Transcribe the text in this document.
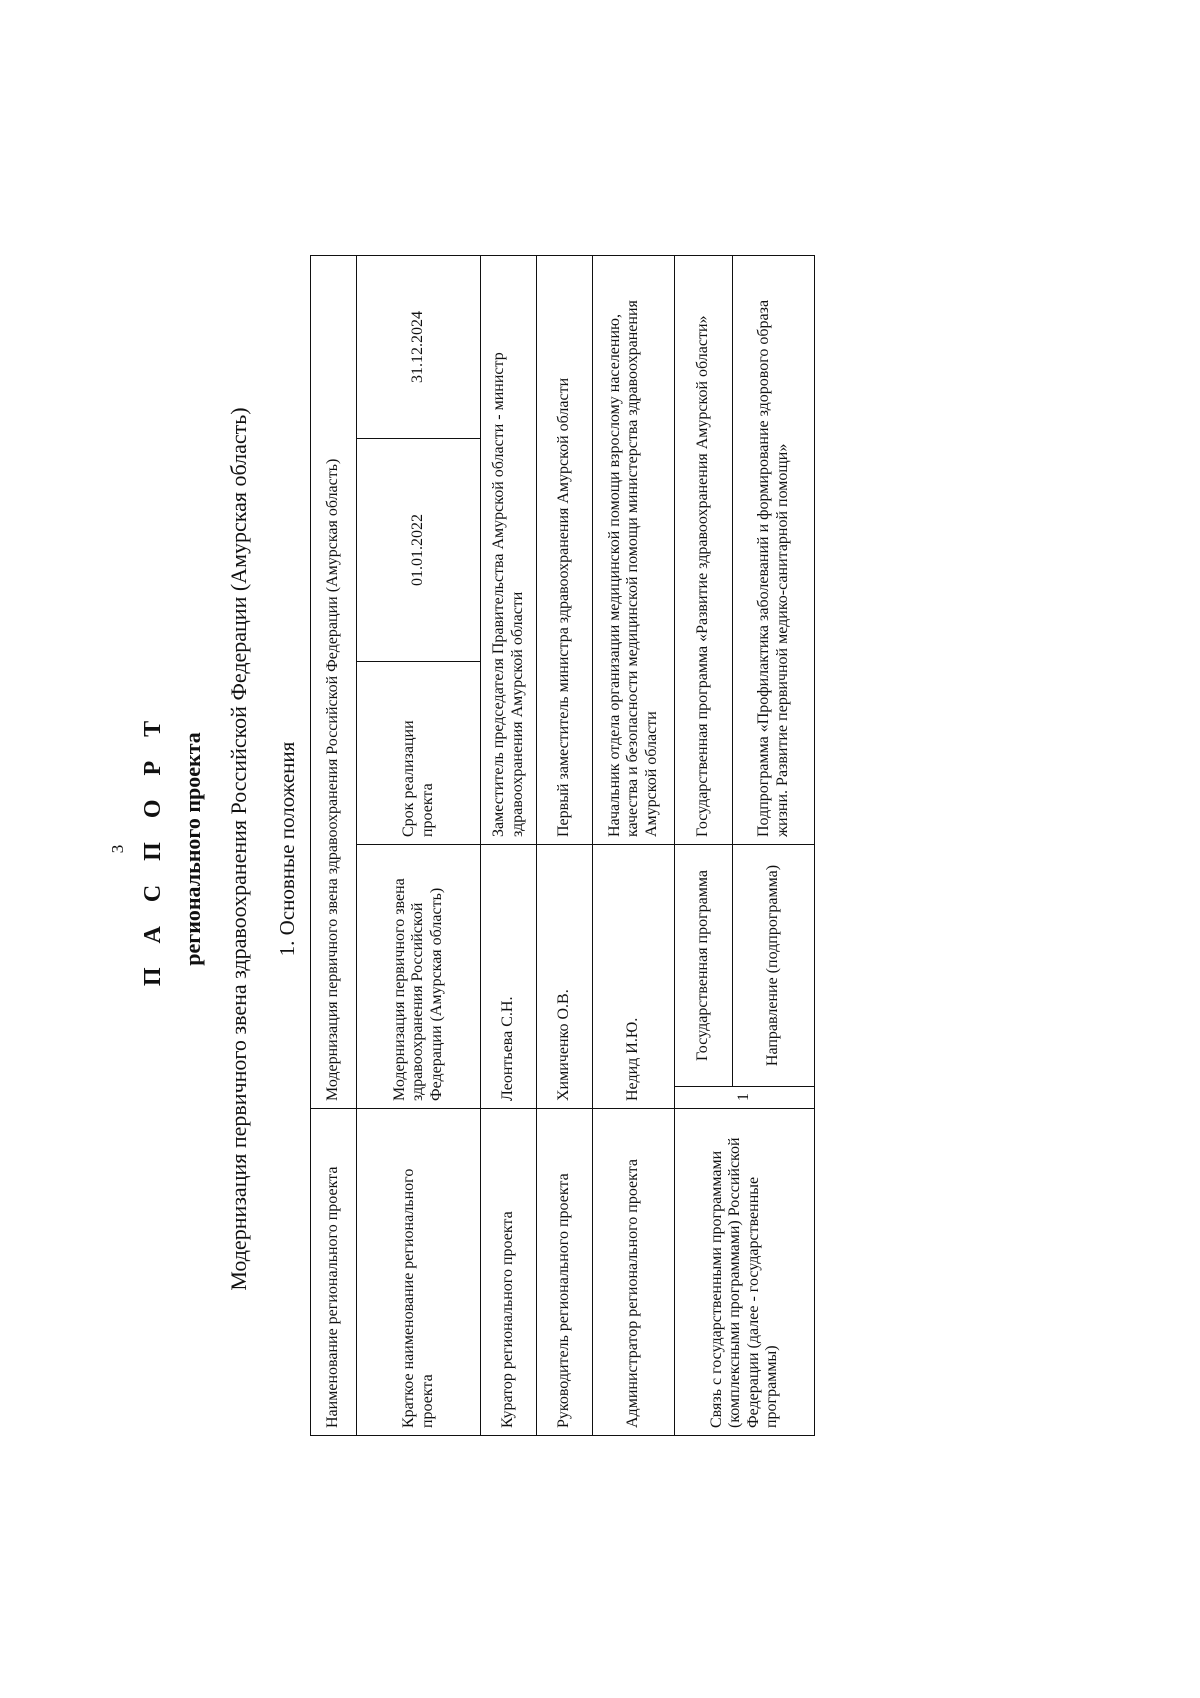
3 П А С П О Р Т регионального проекта Модернизация первичного звена здравоохранения Российской Федерации (Амурская область) 1. Основные положения
Наименование регионального проекта	Модернизация первичного звена здравоохранения Российской Федерации (Амурская область)				
Краткое наименование регионального проекта	Модернизация первичного звена здравоохранения Российской Федерации (Амурская область)		Срок реализации проекта	01.01.2022	31.12.2024
Куратор регионального проекта	Леонтьева С.Н.		Заместитель председателя Правительства Амурской области - министр здравоохранения Амурской области		
Руководитель регионального проекта	Химиченко О.В.		Первый заместитель министра здравоохранения Амурской области		
Администратор регионального проекта	Недид И.Ю.		Начальник отдела организации медицинской помощи взрослому населению, качества и безопасности медицинской помощи министерства здравоохранения Амурской области		
Связь с государственными программами (комплексными программами) Российской Федерации (далее - государственные программы)	1	Государственная программа	Государственная программа «Развитие здравоохранения Амурской области»		
		Направление (подпрограмма)	Подпрограмма «Профилактика заболеваний и формирование здорового образа жизни. Развитие первичной медико-санитарной помощи»		
